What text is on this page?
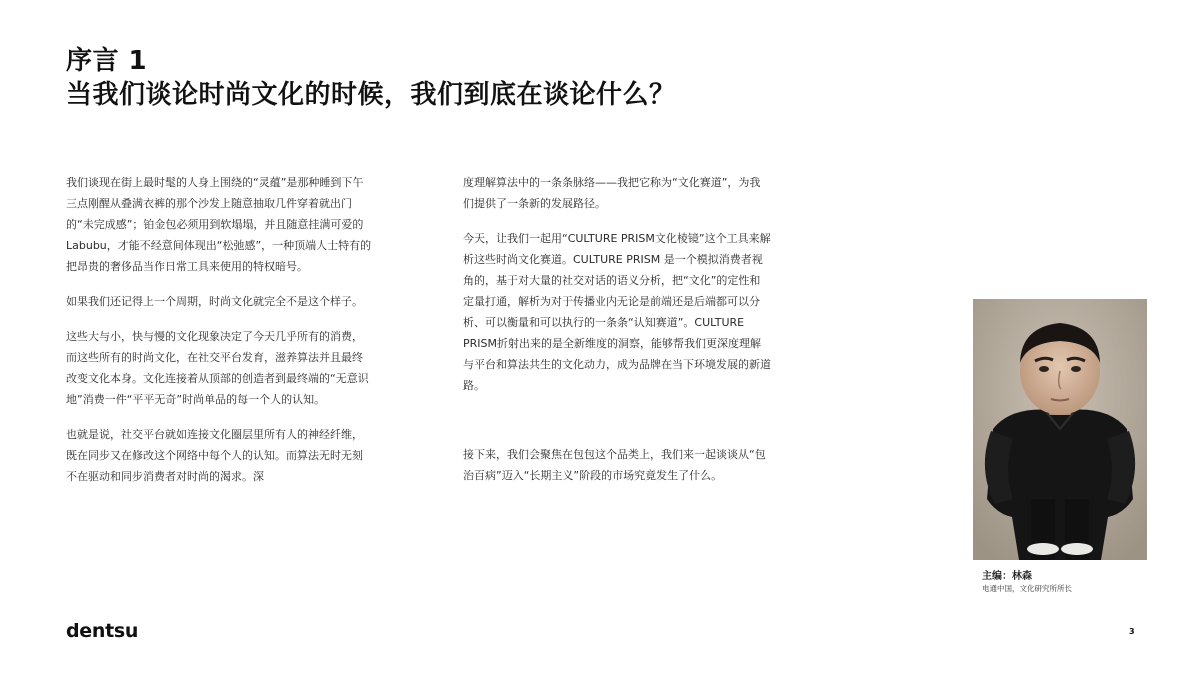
序言 1
当我们谈论时尚文化的时候，我们到底在谈论什么？

我们谈现在街上最时髦的人身上围绕的“灵蕴”是那种睡到下午三点刚醒从叠满衣裤的那个沙发上随意抽取几件穿着就出门的“未完成感”；铂金包必须用到软塌塌，并且随意挂满可爱的Labubu，才能不经意间体现出“松弛感”，一种顶端人士特有的把昂贵的奢侈品当作日常工具来使用的特权暗号。

如果我们还记得上一个周期，时尚文化就完全不是这个样子。

这些大与小，快与慢的文化现象决定了今天几乎所有的消费，而这些所有的时尚文化，在社交平台发育，滋养算法并且最终改变文化本身。文化连接着从顶部的创造者到最终端的“无意识地”消费一件“平平无奇”时尚单品的每一个人的认知。

也就是说，社交平台就如连接文化圈层里所有人的神经纤维，既在同步又在修改这个网络中每个人的认知。而算法无时无刻不在驱动和同步消费者对时尚的渴求。深

度理解算法中的一条条脉络——我把它称为“文化赛道”，为我们提供了一条新的发展路径。

今天，让我们一起用“CULTURE PRISM文化棱镜”这个工具来解析这些时尚文化赛道。CULTURE PRISM 是一个模拟消费者视角的，基于对大量的社交对话的语义分析，把“文化”的定性和定量打通，解析为对于传播业内无论是前端还是后端都可以分析、可以衡量和可以执行的一条条“认知赛道”。CULTURE PRISM折射出来的是全新维度的洞察，能够帮我们更深度理解与平台和算法共生的文化动力，成为品牌在当下环境发展的新道路。

接下来，我们会聚焦在包包这个品类上，我们来一起谈谈从“包治百病”迈入“长期主义”阶段的市场究竟发生了什么。

主编：林森
电通中国，文化研究所所长
dentsu	3
